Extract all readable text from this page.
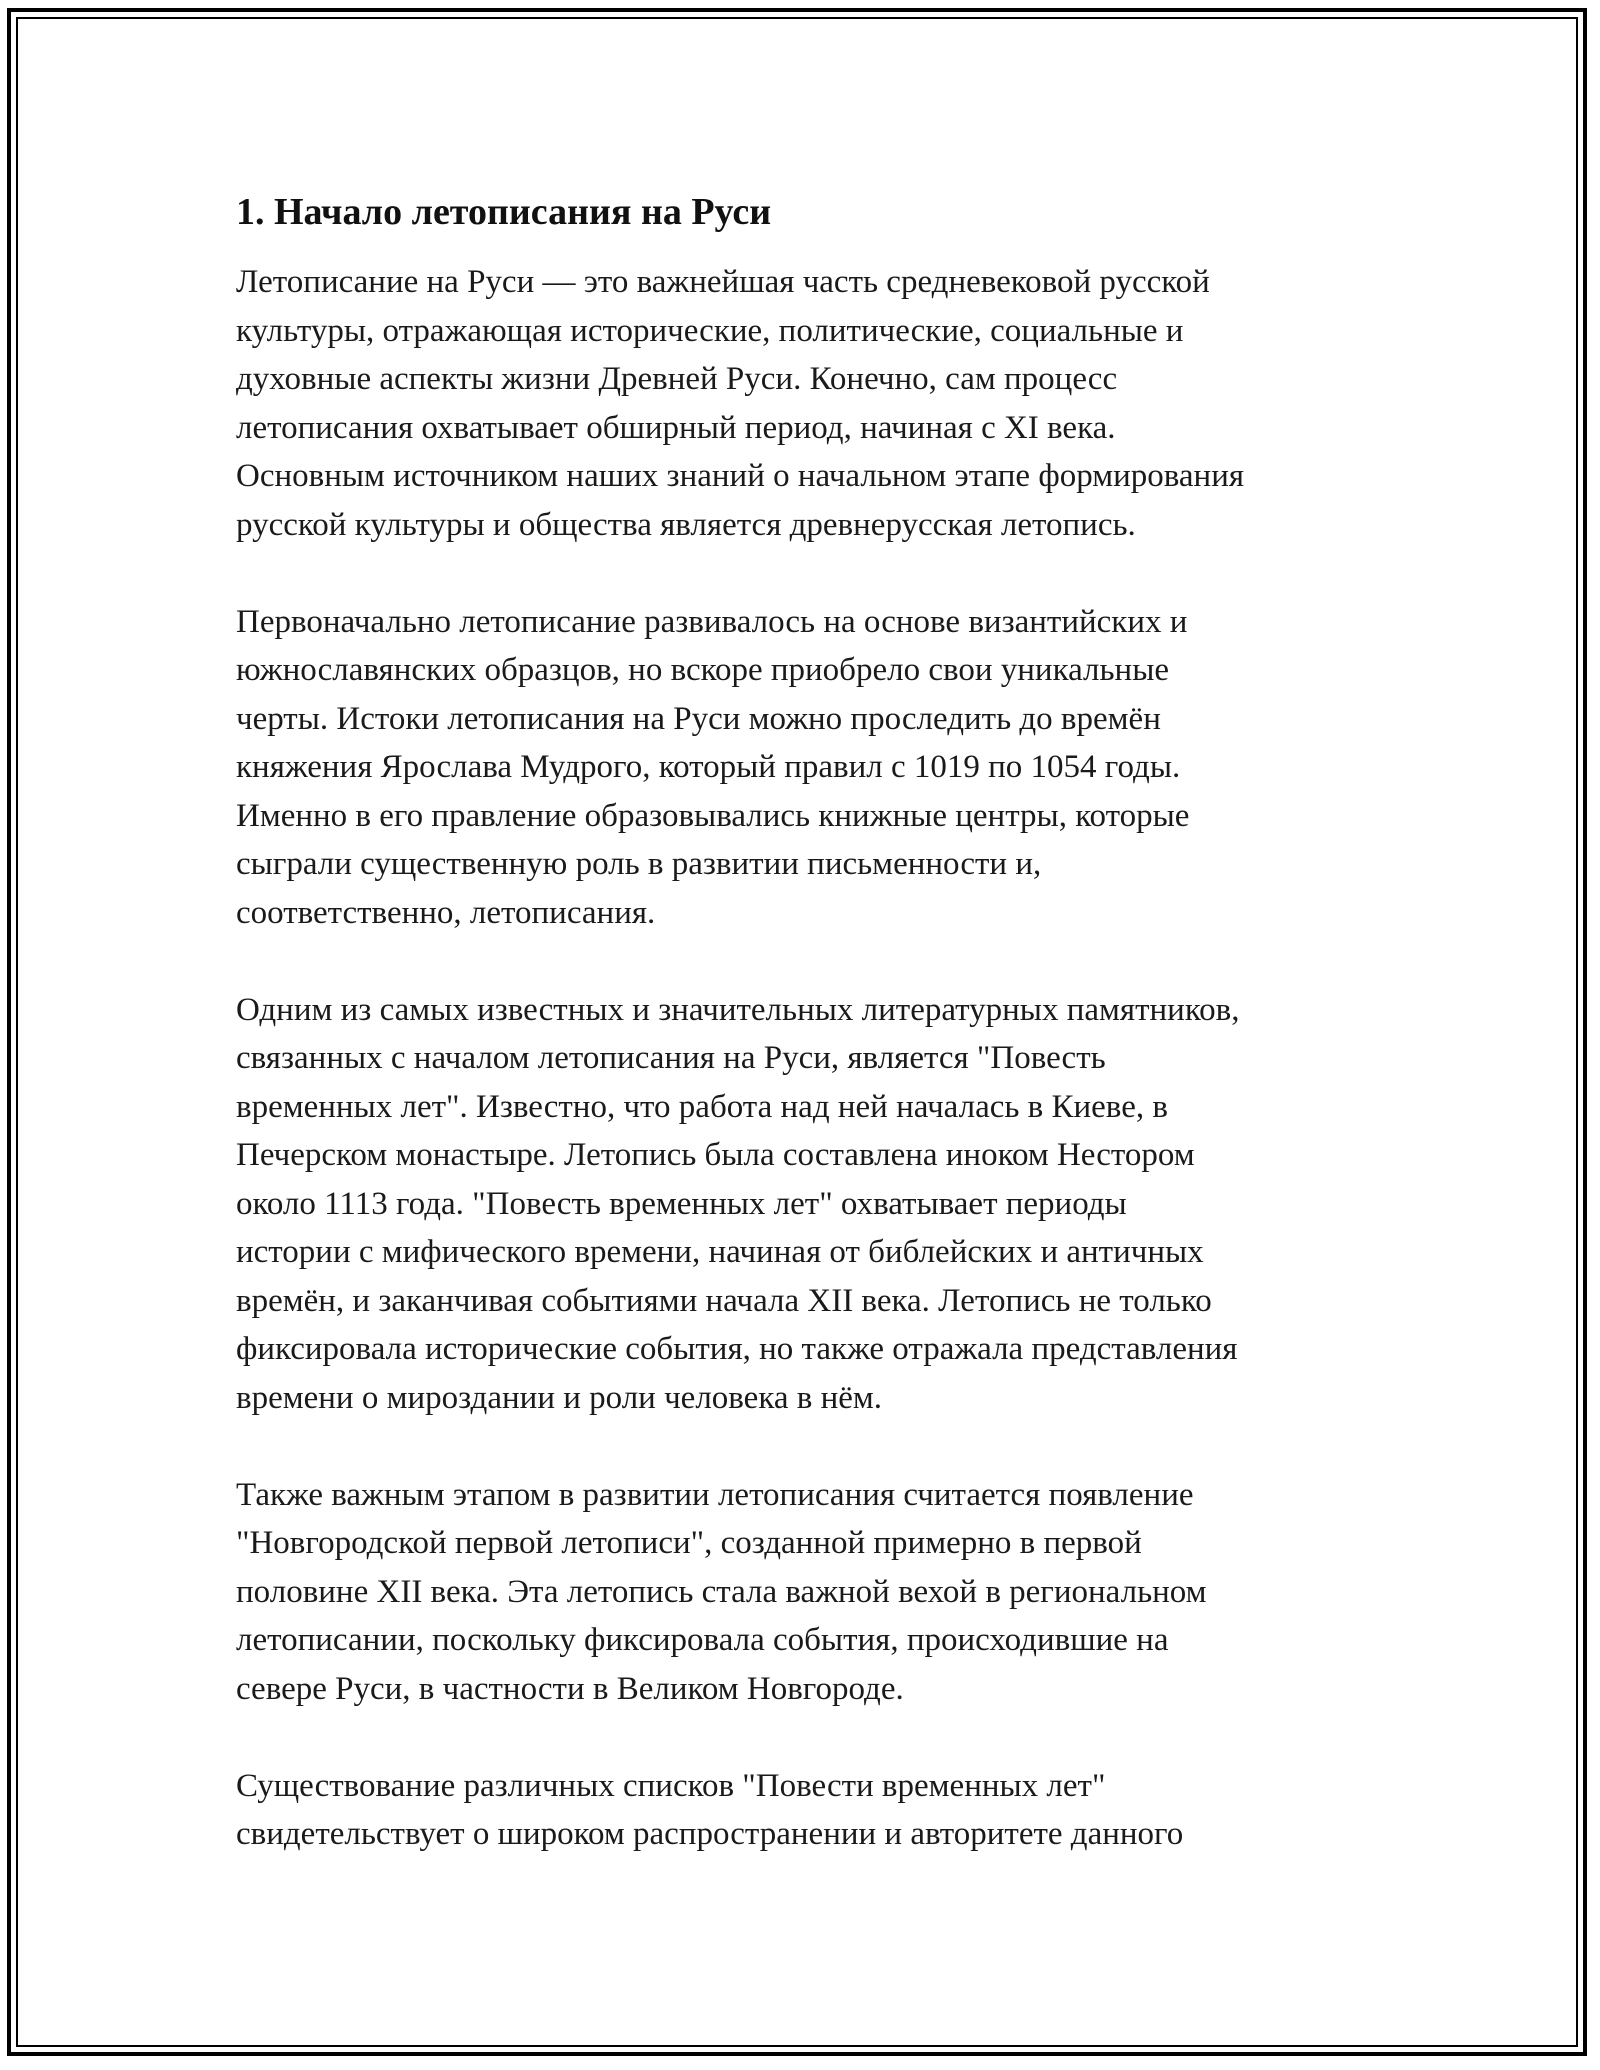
1. Начало летописания на Руси

Летописание на Руси — это важнейшая часть средневековой русской
культуры, отражающая исторические, политические, социальные и
духовные аспекты жизни Древней Руси. Конечно, сам процесс
летописания охватывает обширный период, начиная с XI века.
Основным источником наших знаний о начальном этапе формирования
русской культуры и общества является древнерусская летопись.

Первоначально летописание развивалось на основе византийских и
южнославянских образцов, но вскоре приобрело свои уникальные
черты. Истоки летописания на Руси можно проследить до времён
княжения Ярослава Мудрого, который правил с 1019 по 1054 годы.
Именно в его правление образовывались книжные центры, которые
сыграли существенную роль в развитии письменности и,
соответственно, летописания.

Одним из самых известных и значительных литературных памятников,
связанных с началом летописания на Руси, является "Повесть
временных лет". Известно, что работа над ней началась в Киеве, в
Печерском монастыре. Летопись была составлена иноком Нестором
около 1113 года. "Повесть временных лет" охватывает периоды
истории с мифического времени, начиная от библейских и античных
времён, и заканчивая событиями начала XII века. Летопись не только
фиксировала исторические события, но также отражала представления
времени о мироздании и роли человека в нём.

Также важным этапом в развитии летописания считается появление
"Новгородской первой летописи", созданной примерно в первой
половине XII века. Эта летопись стала важной вехой в региональном
летописании, поскольку фиксировала события, происходившие на
севере Руси, в частности в Великом Новгороде.

Существование различных списков "Повести временных лет"
свидетельствует о широком распространении и авторитете данного
